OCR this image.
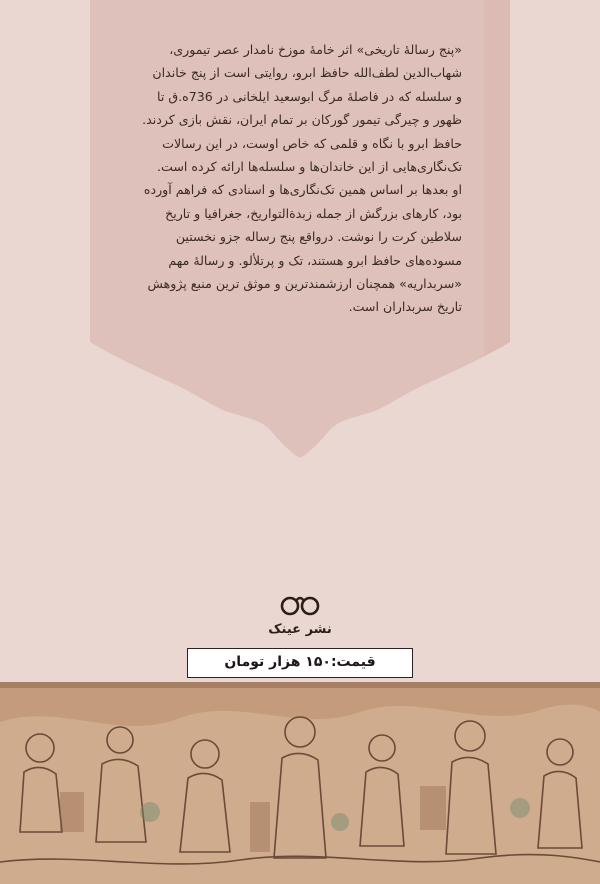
«پنج رسالهٔ تاریخی» اثر خامهٔ موزخ نامدار عصر تیموری،
شهاب‌الدین لطف‌الله حافظ ابرو، روایتی است از پنج خاندان
و سلسله که در فاصلهٔ مرگ ابوسعید ایلخانی در 736ه.ق تا
ظهور و چیرگی تیمور گورکان بر تمام ایران، نقش بازی کردند.
حافظ ابرو با نگاه و قلمی که خاص اوست، در این رسالات
تک‌نگاری‌هایی از این خاندان‌ها و سلسله‌ها ارائه کرده است.
او بعدها بر اساس همین تک‌نگاری‌ها و اسنادی که فراهم آورده
بود، کارهای بزرگش از جمله زبدةالتواریخ، جغرافیا و تاریخ
سلاطین کرت را نوشت. درواقع پنج رساله جزو نخستین
مسوده‌های حافظ ابرو هستند، تک و پرتلألو. و رسالهٔ مهم
«سربداریه» همچنان ارزشمندترین و موثق ترین منبع پژوهش
تاریخ سربداران است.
نشر عینک
قیمت:۱۵۰ هزار تومان
